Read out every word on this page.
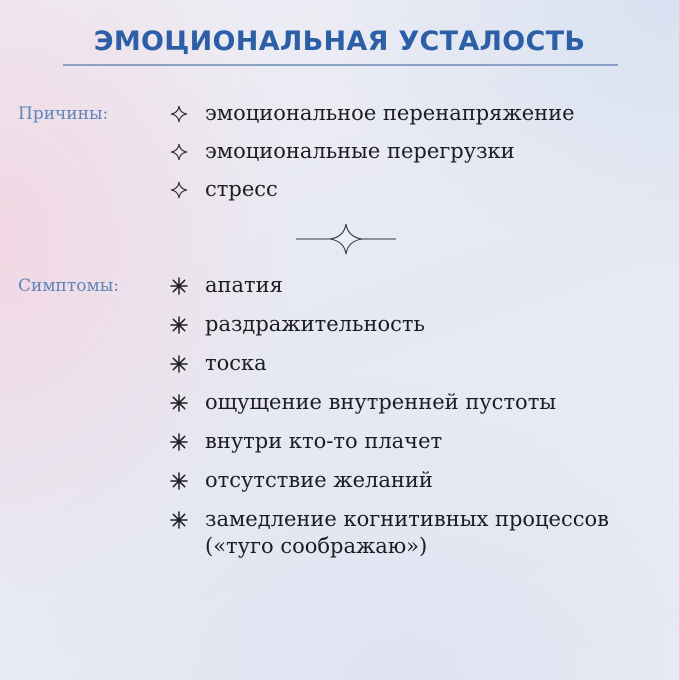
ЭМОЦИОНАЛЬНАЯ УСТАЛОСТЬ
Причины:	эмоциональное перенапряжение
эмоциональные перегрузки
стресс
Симптомы:	апатия
раздражительность
тоска
ощущение внутренней пустоты
внутри кто-то плачет
отсутствие желаний
замедление когнитивных процессов («туго соображаю»)
